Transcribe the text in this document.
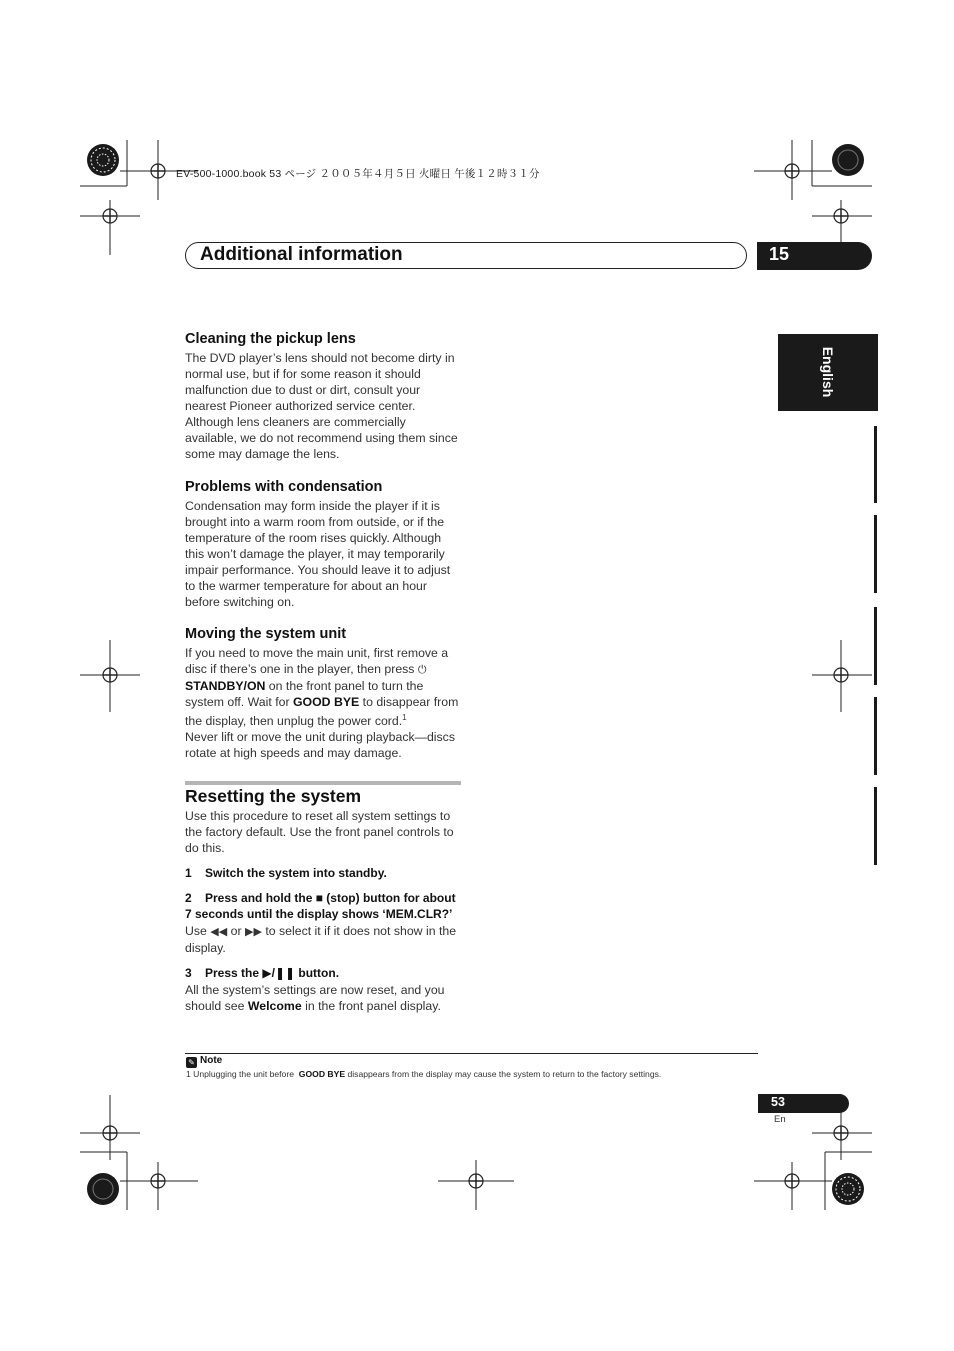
EV-500-1000.book 53 ページ ２００５年４月５日 火曜日 午後１２時３１分
Additional information	15
English
Cleaning the pickup lens

The DVD player’s lens should not become dirty in normal use, but if for some reason it should malfunction due to dust or dirt, consult your nearest Pioneer authorized service center. Although lens cleaners are commercially available, we do not recommend using them since some may damage the lens.

Problems with condensation

Condensation may form inside the player if it is brought into a warm room from outside, or if the temperature of the room rises quickly. Although this won’t damage the player, it may temporarily impair performance. You should leave it to adjust to the warmer temperature for about an hour before switching on.

Moving the system unit

If you need to move the main unit, first remove a disc if there’s one in the player, then press ⏻ STANDBY/ON on the front panel to turn the system off. Wait for GOOD BYE to disappear from the display, then unplug the power cord.$^1$
Never lift or move the unit during playback—discs rotate at high speeds and may damage.

Resetting the system

Use this procedure to reset all system settings to the factory default. Use the front panel controls to do this.

1    Switch the system into standby.

2    Press and hold the ■ (stop) button for about 7 seconds until the display shows ‘MEM.CLR?’

Use ◀◀ or ▶▶ to select it if it does not show in the display.

3    Press the ▶/❚❚ button.

All the system’s settings are now reset, and you should see Welcome in the front panel display.

✎ Note
1 Unplugging the unit before  GOOD BYE disappears from the display may cause the system to return to the factory settings.
53
En
